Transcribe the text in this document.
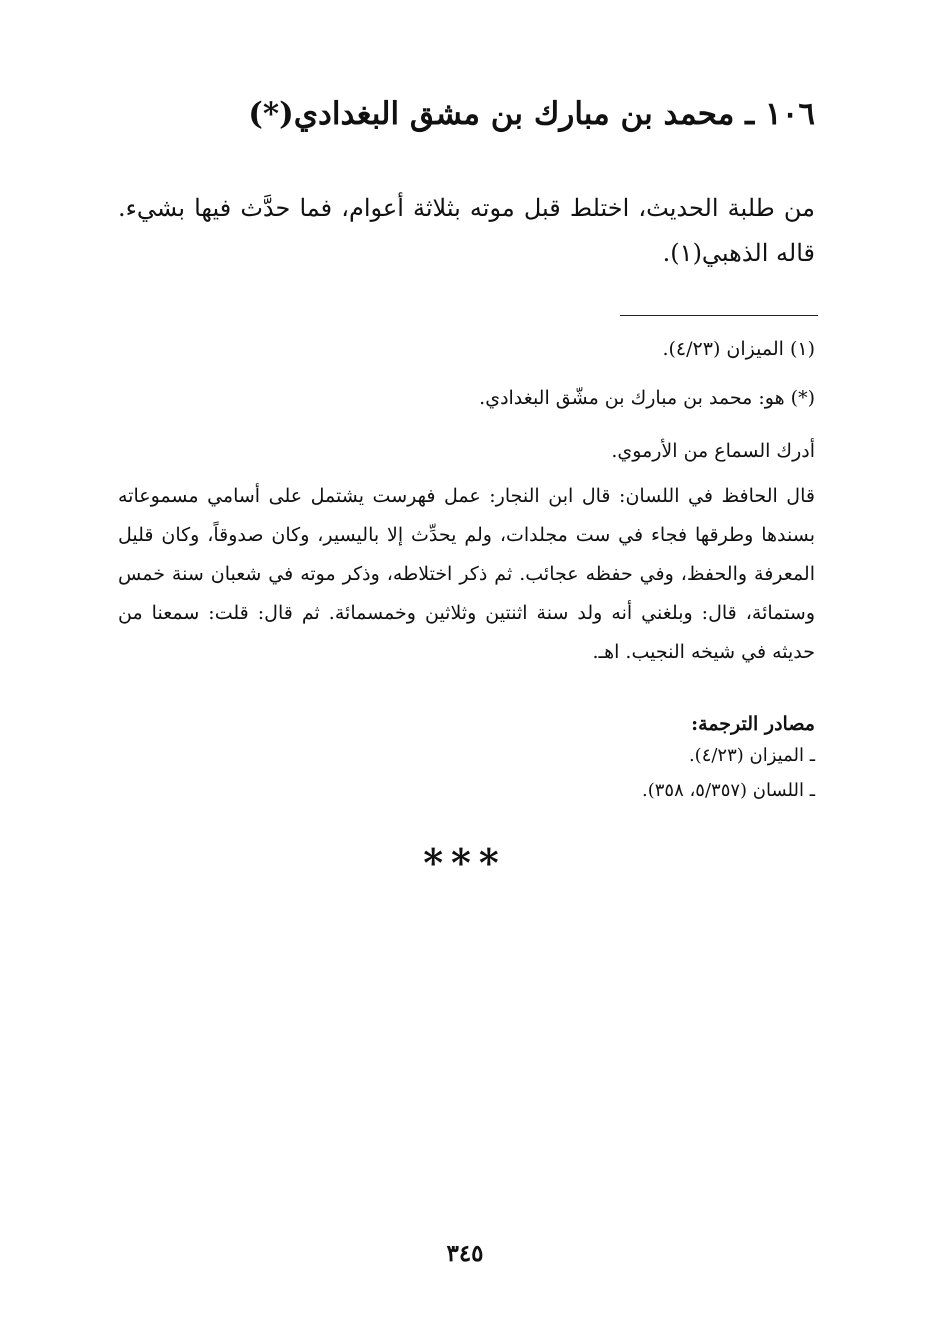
١٠٦ ـ محمد بن مبارك بن مشق البغدادي(*)
من طلبة الحديث، اختلط قبل موته بثلاثة أعوام، فما حدَّث فيها بشيء. قاله الذهبي(١).
(١) الميزان (٤/٢٣).
(*) هو: محمد بن مبارك بن مشّق البغدادي.
أدرك السماع من الأرموي.
قال الحافظ في اللسان: قال ابن النجار: عمل فهرست يشتمل على أسامي مسموعاته بسندها وطرقها فجاء في ست مجلدات، ولم يحدِّث إلا باليسير، وكان صدوقاً، وكان قليل المعرفة والحفظ، وفي حفظه عجائب. ثم ذكر اختلاطه، وذكر موته في شعبان سنة خمس وستمائة، قال: وبلغني أنه ولد سنة اثنتين وثلاثين وخمسمائة. ثم قال: قلت: سمعنا من حديثه في شيخه النجيب. اهـ.
مصادر الترجمة:
ـ الميزان (٤/٢٣).
ـ اللسان (٥/٣٥٧، ٣٥٨).
***
٣٤٥
